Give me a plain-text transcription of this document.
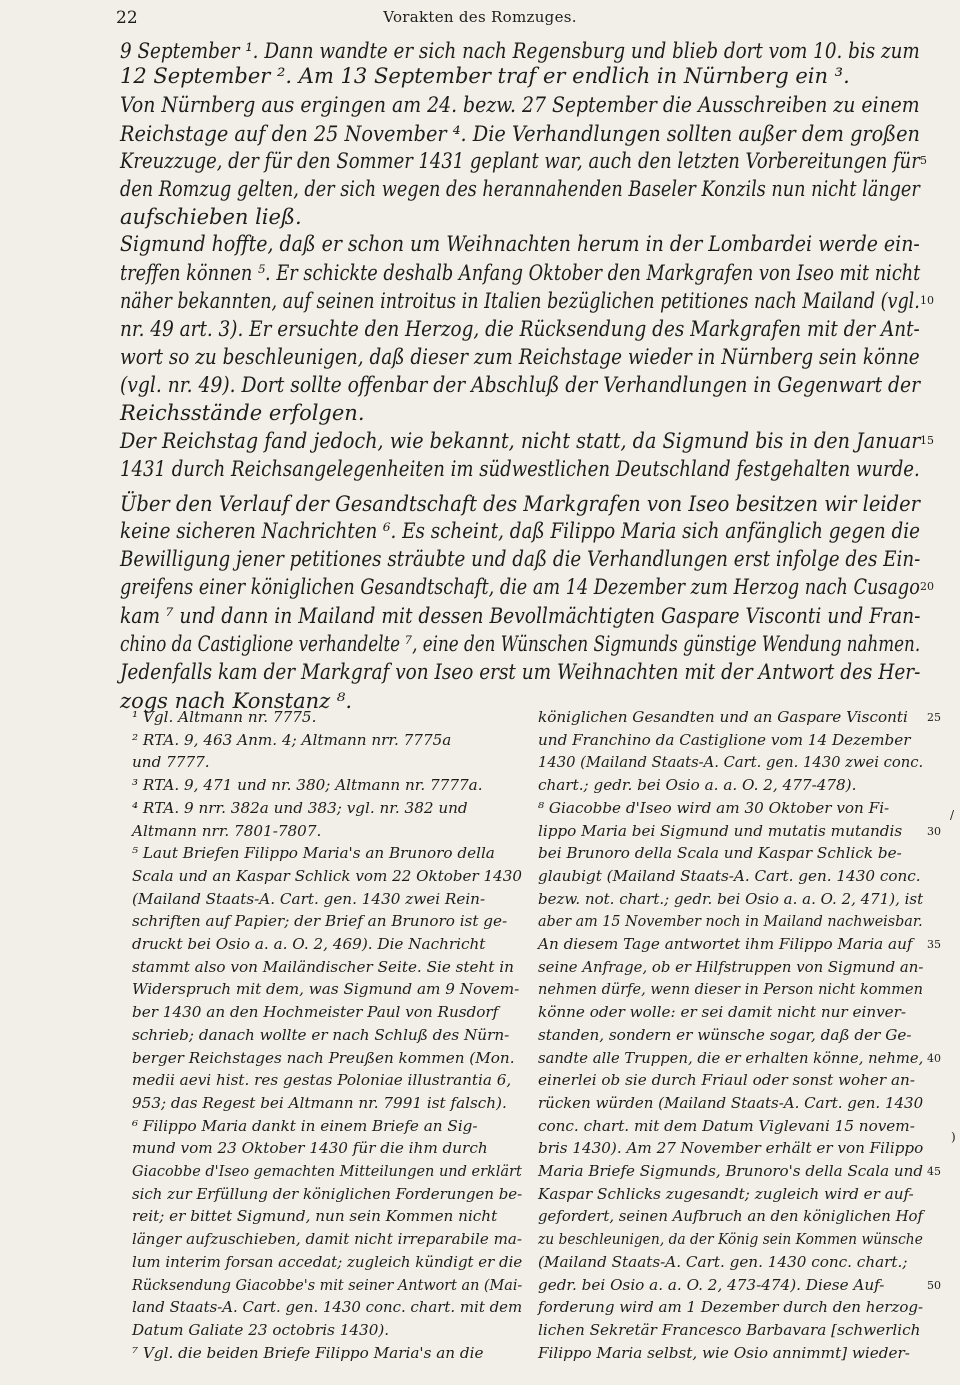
22	Vorakten des Romzuges.
9 September ¹. Dann wandte er sich nach Regensburg und blieb dort vom 10. bis zum
12 September ². Am 13 September traf er endlich in Nürnberg ein ³.
Von Nürnberg aus ergingen am 24. bezw. 27 September die Ausschreiben zu einem
Reichstage auf den 25 November ⁴. Die Verhandlungen sollten außer dem großen
Kreuzzuge, der für den Sommer 1431 geplant war, auch den letzten Vorbereitungen für
den Romzug gelten, der sich wegen des herannahenden Baseler Konzils nun nicht länger
aufschieben ließ.
Sigmund hoffte, daß er schon um Weihnachten herum in der Lombardei werde ein-
treffen können ⁵. Er schickte deshalb Anfang Oktober den Markgrafen von Iseo mit nicht
näher bekannten, auf seinen introitus in Italien bezüglichen petitiones nach Mailand (vgl.
nr. 49 art. 3). Er ersuchte den Herzog, die Rücksendung des Markgrafen mit der Ant-
wort so zu beschleunigen, daß dieser zum Reichstage wieder in Nürnberg sein könne
(vgl. nr. 49). Dort sollte offenbar der Abschluß der Verhandlungen in Gegenwart der
Reichsstände erfolgen.
Der Reichstag fand jedoch, wie bekannt, nicht statt, da Sigmund bis in den Januar
1431 durch Reichsangelegenheiten im südwestlichen Deutschland festgehalten wurde.
Über den Verlauf der Gesandtschaft des Markgrafen von Iseo besitzen wir leider
keine sicheren Nachrichten ⁶. Es scheint, daß Filippo Maria sich anfänglich gegen die
Bewilligung jener petitiones sträubte und daß die Verhandlungen erst infolge des Ein-
greifens einer königlichen Gesandtschaft, die am 14 Dezember zum Herzog nach Cusago
kam ⁷ und dann in Mailand mit dessen Bevollmächtigten Gaspare Visconti und Fran-
chino da Castiglione verhandelte ⁷, eine den Wünschen Sigmunds günstige Wendung nahmen.
Jedenfalls kam der Markgraf von Iseo erst um Weihnachten mit der Antwort des Her-
zogs nach Konstanz ⁸.
¹ Vgl. Altmann nr. 7775.
² RTA. 9, 463 Anm. 4; Altmann nrr. 7775a
und 7777.
³ RTA. 9, 471 und nr. 380; Altmann nr. 7777a.
⁴ RTA. 9 nrr. 382a und 383; vgl. nr. 382 und
Altmann nrr. 7801-7807.
⁵ Laut Briefen Filippo Maria's an Brunoro della
Scala und an Kaspar Schlick vom 22 Oktober 1430
(Mailand Staats-A. Cart. gen. 1430 zwei Rein-
schriften auf Papier; der Brief an Brunoro ist ge-
druckt bei Osio a. a. O. 2, 469). Die Nachricht
stammt also von Mailändischer Seite. Sie steht in
Widerspruch mit dem, was Sigmund am 9 Novem-
ber 1430 an den Hochmeister Paul von Rusdorf
schrieb; danach wollte er nach Schluß des Nürn-
berger Reichstages nach Preußen kommen (Mon.
medii aevi hist. res gestas Poloniae illustrantia 6,
953; das Regest bei Altmann nr. 7991 ist falsch).
⁶ Filippo Maria dankt in einem Briefe an Sig-
mund vom 23 Oktober 1430 für die ihm durch
Giacobbe d'Iseo gemachten Mitteilungen und erklärt
sich zur Erfüllung der königlichen Forderungen be-
reit; er bittet Sigmund, nun sein Kommen nicht
länger aufzuschieben, damit nicht irreparabile ma-
lum interim forsan accedat; zugleich kündigt er die
Rücksendung Giacobbe's mit seiner Antwort an (Mai-
land Staats-A. Cart. gen. 1430 conc. chart. mit dem
Datum Galiate 23 octobris 1430).
⁷ Vgl. die beiden Briefe Filippo Maria's an die
königlichen Gesandten und an Gaspare Visconti
und Franchino da Castiglione vom 14 Dezember
1430 (Mailand Staats-A. Cart. gen. 1430 zwei conc.
chart.; gedr. bei Osio a. a. O. 2, 477-478).
⁸ Giacobbe d'Iseo wird am 30 Oktober von Fi-
lippo Maria bei Sigmund und mutatis mutandis
bei Brunoro della Scala und Kaspar Schlick be-
glaubigt (Mailand Staats-A. Cart. gen. 1430 conc.
bezw. not. chart.; gedr. bei Osio a. a. O. 2, 471), ist
aber am 15 November noch in Mailand nachweisbar.
An diesem Tage antwortet ihm Filippo Maria auf
seine Anfrage, ob er Hilfstruppen von Sigmund an-
nehmen dürfe, wenn dieser in Person nicht kommen
könne oder wolle: er sei damit nicht nur einver-
standen, sondern er wünsche sogar, daß der Ge-
sandte alle Truppen, die er erhalten könne, nehme,
einerlei ob sie durch Friaul oder sonst woher an-
rücken würden (Mailand Staats-A. Cart. gen. 1430
conc. chart. mit dem Datum Viglevani 15 novem-
bris 1430). Am 27 November erhält er von Filippo
Maria Briefe Sigmunds, Brunoro's della Scala und
Kaspar Schlicks zugesandt; zugleich wird er auf-
gefordert, seinen Aufbruch an den königlichen Hof
zu beschleunigen, da der König sein Kommen wünsche
(Mailand Staats-A. Cart. gen. 1430 conc. chart.;
gedr. bei Osio a. a. O. 2, 473-474). Diese Auf-
forderung wird am 1 Dezember durch den herzog-
lichen Sekretär Francesco Barbavara [schwerlich
Filippo Maria selbst, wie Osio annimmt] wieder-
/
)
5
10
15
20
25
30
35
40
45
50
